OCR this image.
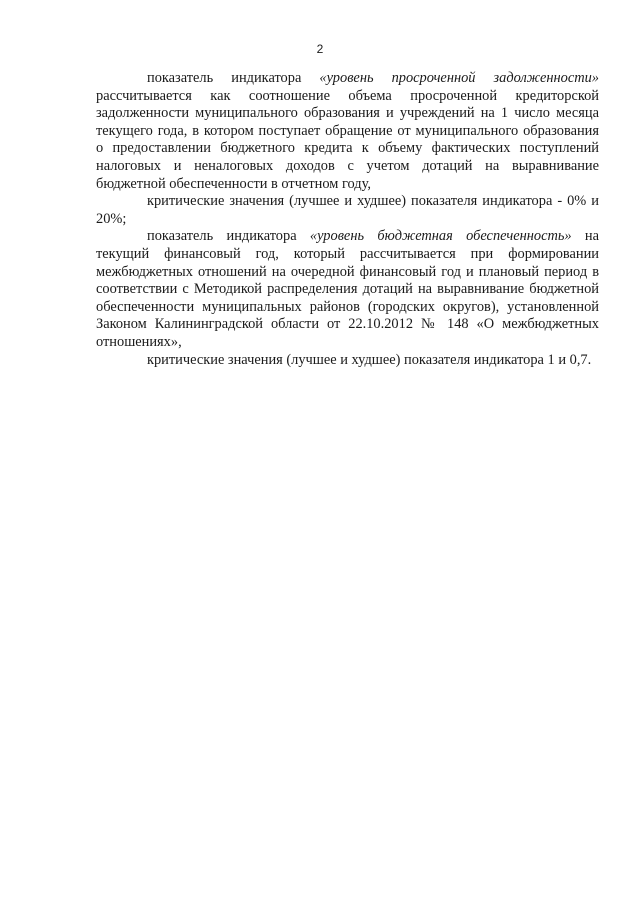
2

показатель индикатора «уровень просроченной задолженности» рассчитывается как соотношение объема просроченной кредиторской задолженности муниципального образования и учреждений на 1 число месяца текущего года, в котором поступает обращение от муниципального образования о предоставлении бюджетного кредита к объему фактических поступлений налоговых и неналоговых доходов с учетом дотаций на выравнивание бюджетной обеспеченности в отчетном году,

критические значения (лучшее и худшее) показателя индикатора - 0% и 20%;

показатель индикатора «уровень бюджетная обеспеченность» на текущий финансовый год, который рассчитывается при формировании межбюджетных отношений на очередной финансовый год и плановый период в соответствии с Методикой распределения дотаций на выравнивание бюджетной обеспеченности муниципальных районов (городских округов), установленной Законом Калининградской области от 22.10.2012 № 148 «О межбюджетных отношениях»,

критические значения (лучшее и худшее) показателя индикатора 1 и 0,7.
